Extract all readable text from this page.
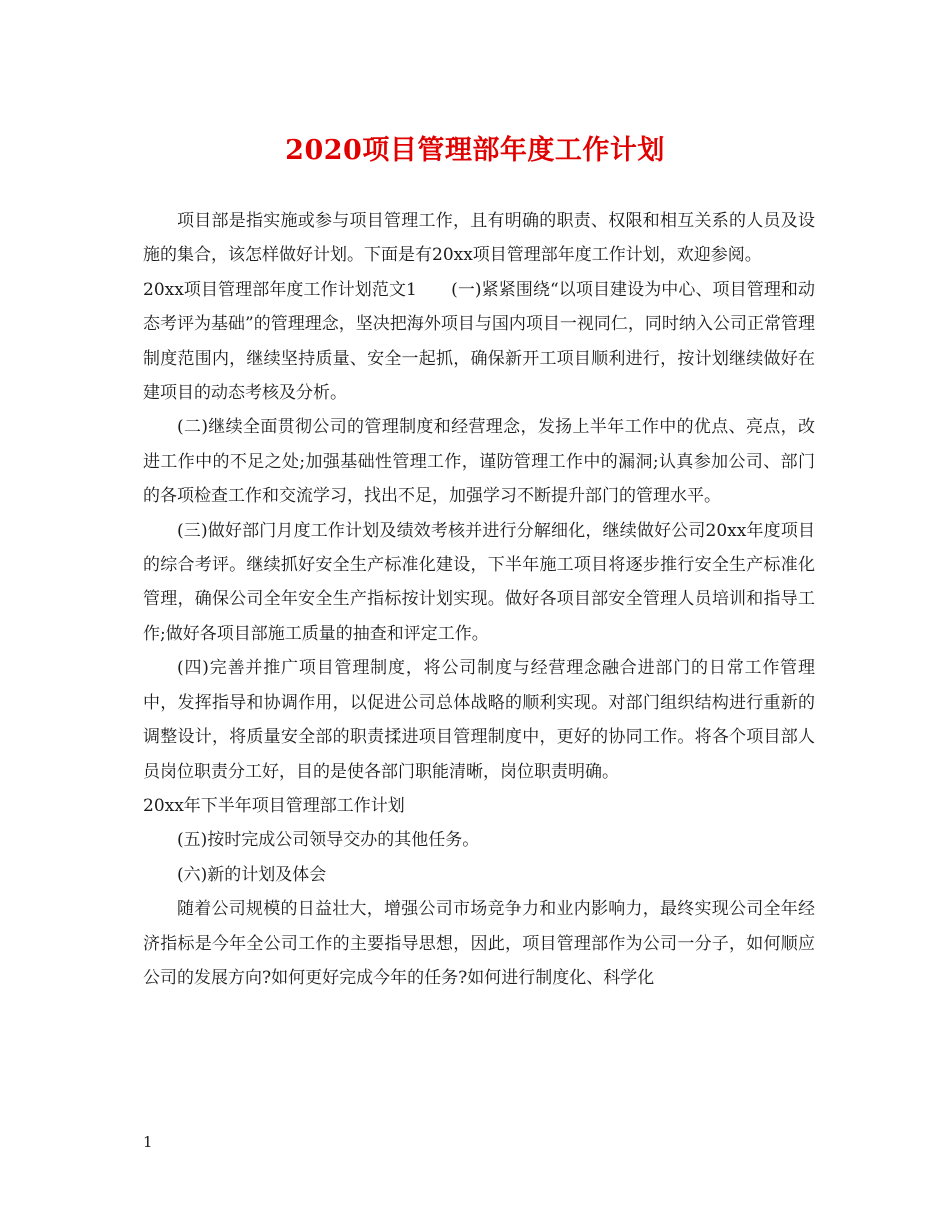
2020项目管理部年度工作计划

项目部是指实施或参与项目管理工作，且有明确的职责、权限和相互关系的人员及设施的集合，该怎样做好计划。下面是有20xx项目管理部年度工作计划，欢迎参阅。

20xx项目管理部年度工作计划范文1　　(一)紧紧围绕“以项目建设为中心、项目管理和动态考评为基础”的管理理念，坚决把海外项目与国内项目一视同仁，同时纳入公司正常管理制度范围内，继续坚持质量、安全一起抓，确保新开工项目顺利进行，按计划继续做好在建项目的动态考核及分析。

(二)继续全面贯彻公司的管理制度和经营理念，发扬上半年工作中的优点、亮点，改进工作中的不足之处;加强基础性管理工作，谨防管理工作中的漏洞;认真参加公司、部门的各项检查工作和交流学习，找出不足，加强学习不断提升部门的管理水平。

(三)做好部门月度工作计划及绩效考核并进行分解细化，继续做好公司20xx年度项目的综合考评。继续抓好安全生产标准化建设，下半年施工项目将逐步推行安全生产标准化管理，确保公司全年安全生产指标按计划实现。做好各项目部安全管理人员培训和指导工作;做好各项目部施工质量的抽查和评定工作。

(四)完善并推广项目管理制度，将公司制度与经营理念融合进部门的日常工作管理中，发挥指导和协调作用，以促进公司总体战略的顺利实现。对部门组织结构进行重新的调整设计，将质量安全部的职责揉进项目管理制度中，更好的协同工作。将各个项目部人员岗位职责分工好，目的是使各部门职能清晰，岗位职责明确。

20xx年下半年项目管理部工作计划

(五)按时完成公司领导交办的其他任务。

(六)新的计划及体会

随着公司规模的日益壮大，增强公司市场竞争力和业内影响力，最终实现公司全年经济指标是今年全公司工作的主要指导思想，因此，项目管理部作为公司一分子，如何顺应公司的发展方向?如何更好完成今年的任务?如何进行制度化、科学化

1
